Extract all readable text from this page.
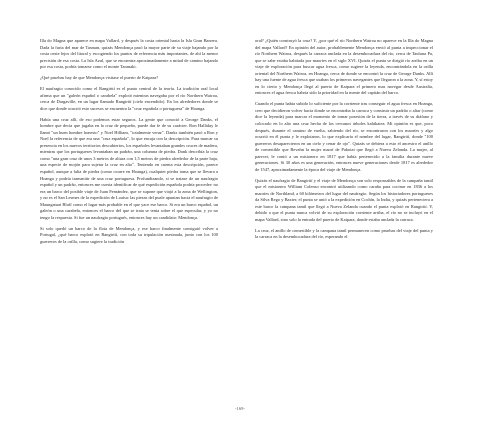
Illa do Magna que aparece en mapa Vallard, y después la costa oriental hasta la Isla Gran Barrera. Dada la furia del mar de Tasman, quizás Mendonça pasó la mayor parte de su viaje bajando por la costa oeste lejos del litoral y escogiendo los puntos de referencia más importantes, de ahí la menor precisión de esa costa. La Isla Azul, que se encuentra aproximadamente a mitad de camino bajando por esa costa, podría tomarse como el monte Taranaki.

¿Qué pruebas hay de que Mendonça visitase el puerto de Kaipara?

El naufragio conocido como el Rangirití es el punto central de la teoría. La tradición oral local afirma que un "galeón español o carabela" explotó mientras navegaba por el río Northern Wairoa, cerca de Dargaville, en un lugar llamado Rangirití (cielo encendido). En los alrededores donde se dice que donde ocurrió esto sucesos se encuentra la "cruz española o portuguesa" de Hoanga.

Había una cruz allí, de eso podemos estar seguros. La gente que conoció a George Danks, el hombre que decía que jugaba en la cruz de pequeño, puede dar fe de su carácter. Ron Halliday le llamó "un buen hombre honesto" y Noel Hilliam, "totalmente veraz". Danks también pasó a Ron y Noel la referencia de que era una "cruz española", lo que encaja con la descripción. Para marcar su presencia en los nuevos territorios descubiertos, los españoles levantaban grandes cruces de madera, mientras que los portugueses levantaban un padrão, una columna de piedra. Dank describía la cruz como "una gran cruz de unos 3 metros de altura con 1,5 metros de piedra alrededor de la parte baja, una especie de mojón para sujetar la cruz en alto". Teniendo en cuenta esta descripción, parece español, aunque a falta de piedra (como ocurre en Hoanga), cualquier piedra toma que se llevara a Hoanga y podría transmitir de una cruz portuguesa. Profundizando, si se tratase de un naufragio español y un padrão, entonces me cuesta identificar de qué expedición española podría proceder: no era un barco del posible viaje de Juan Fernández, que se supone que viajó a la zona de Wellington, y no es el San Lesmes de la expedición de Loaísa: las piezas del puzle apuntan hacia el naufragio de Maungatuai Bluff como el lugar más probable en el que yace ese barco. Si era un barco español, un galeón o una carabela, entonces el barco del que se trata se tenía sobre el que especular, y yo no tengo la respuesta. Si fue un naufragio portugués, entonces hay un candidato: Mendonça.

Si solo quedó un barco de la flota de Mendonça, y ese barco finalmente consiguió volver a Portugal, ¿qué barco explotó en Rangirití, con toda su tripulación asesinada, junto con los 100 guerreros de la orilla, como sugiere la tradición

oral? ¿Quién construyó la cruz? Y, ¿por qué el río Northern Wairoa no aparece en la Illa do Magna del mapa Vallard? En opinión del autor, probablemente Mendonça envió al punta a inspeccionar el río Northern Wairoa, después la carraca anclada en la desembocadura del río, cerca de Tauhara Pa, que se sabe estaba habitada por maoríes en el siglo XVI. Quizás el punta se dirigió río arriba en un viaje de exploración para buscar agua fresca, como sugiere la leyenda, encontrándola en la orilla oriental del Northern Wairoa, en Hoanga, cerca de donde se encontró la cruz de George Danks. Allí hay una fuente de agua fresca que usaban los primeros navegantes que llegaron a la zona. Y, sí estoy en lo cierto y Mendonça llegó al puerto de Kaipara el primero mas navegar desde Australia, entonces el agua fresca habría sido la prioridad en la mente del capitán del barco.

Cuando el punta había subido lo suficiente por la corriente tras conseguir el agua fresca en Hoanga, creo que decidieron volver hacia donde se encontraba la carraca y construir un padrão o altar (como dice la leyenda) para marcar el momento de tomar posesión de la tierra, a través de su diáfano y colocarlo en lo alto una cruz hecha de los cercanos árboles kahikatea. Mi opinión es que, poco después, durante el camino de vuelta, sabiendo del río, se encontraron con los maoríes y algo ocurrió en él punta y le explotaron, lo que explicaría el nombre del lugar, Rangirití, donde "100 guerreros desaparecieron en un cielo y cenar de ojo". Quizás se debiera a esto el ancestro el anillo de comestible que Bevahn la mujer maorí de Pakotai que llegó a Nueva Zelanda. La mujer, al parecer, le contó a un misionero en 1817 que había pertenecido a la familia durante nueve generaciones. Si 30 años es una generación, entonces nueve generaciones desde 1817 es alrededor de 1547, aproximadamente la época del viaje de Mendonça.

Quizás el naufragio de Rangirití y el viaje de Mendonça son solo responsables de la campaña tamil que el misionero William Colenso encontró utilizando como caraña para cocinar en 1836 a los maoríes de Northland, a 60 kilómetros del lugar del naufragio. Según los historiadores portugueses da Silva Rego y Baxter, el punta se unió a la expedición en Cochín, la India, y quizás perteneciera a este barco la campana tamil que llegó a Nueva Zelanda cuando el punta explotó en Rangirití. Y, debido a que el punta nunca volvió de su exploración corriente arriba, el río no se incluyó en el mapa Vallard, sino solo la entrada del puerto de Kaipara, donde estaba anclada la carraca.

La cruz, el anillo de comestible y la campana tamil permanecen como pruebas del viaje del punta y la carraca en la desembocadura del río, esperando el

-169-
